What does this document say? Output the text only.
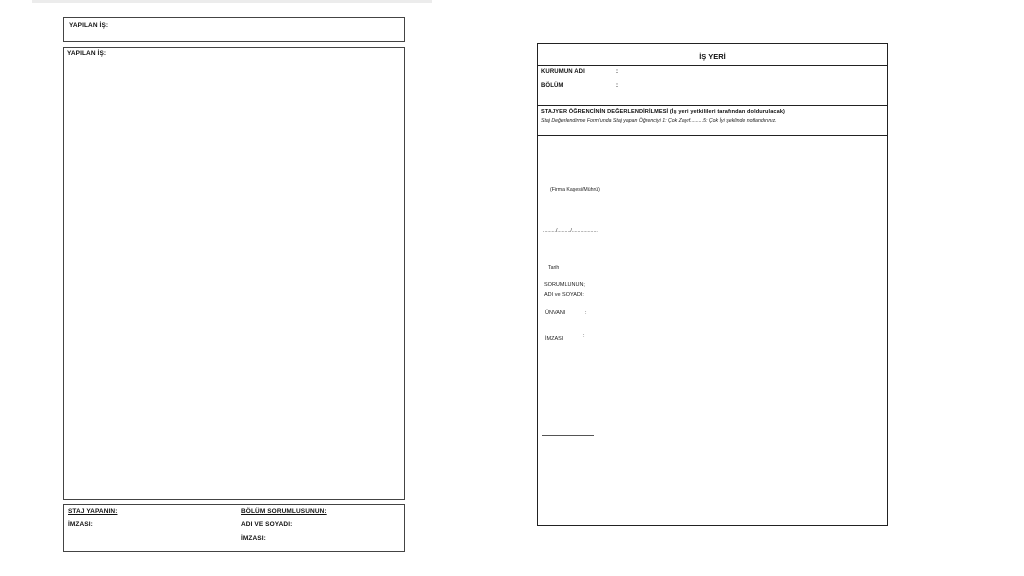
YAPILAN İŞ:
YAPILAN İŞ:
STAJ YAPANIN:
İMZASI:
BÖLÜM SORUMLUSUNUN:
ADI VE SOYADI:
İMZASI:
İŞ YERİ
KURUMUN ADI	:
BÖLÜM	:
STAJYER ÖĞRENCİNİN DEĞERLENDİRİLMESİ (İş yeri yetkilileri tarafından doldurulacak)
Staj Değerlendirme Form'unda Staj yapan Öğrenciyi 1: Çok Zayıf.........5: Çok İyi şeklinde notlandırınız.
(Firma Kaşesi/Mührü)
........./........./..................
Tarih
SORUMLUNUN;
ADI ve SOYADI:
ÜNVANI	:
İMZASI	:
